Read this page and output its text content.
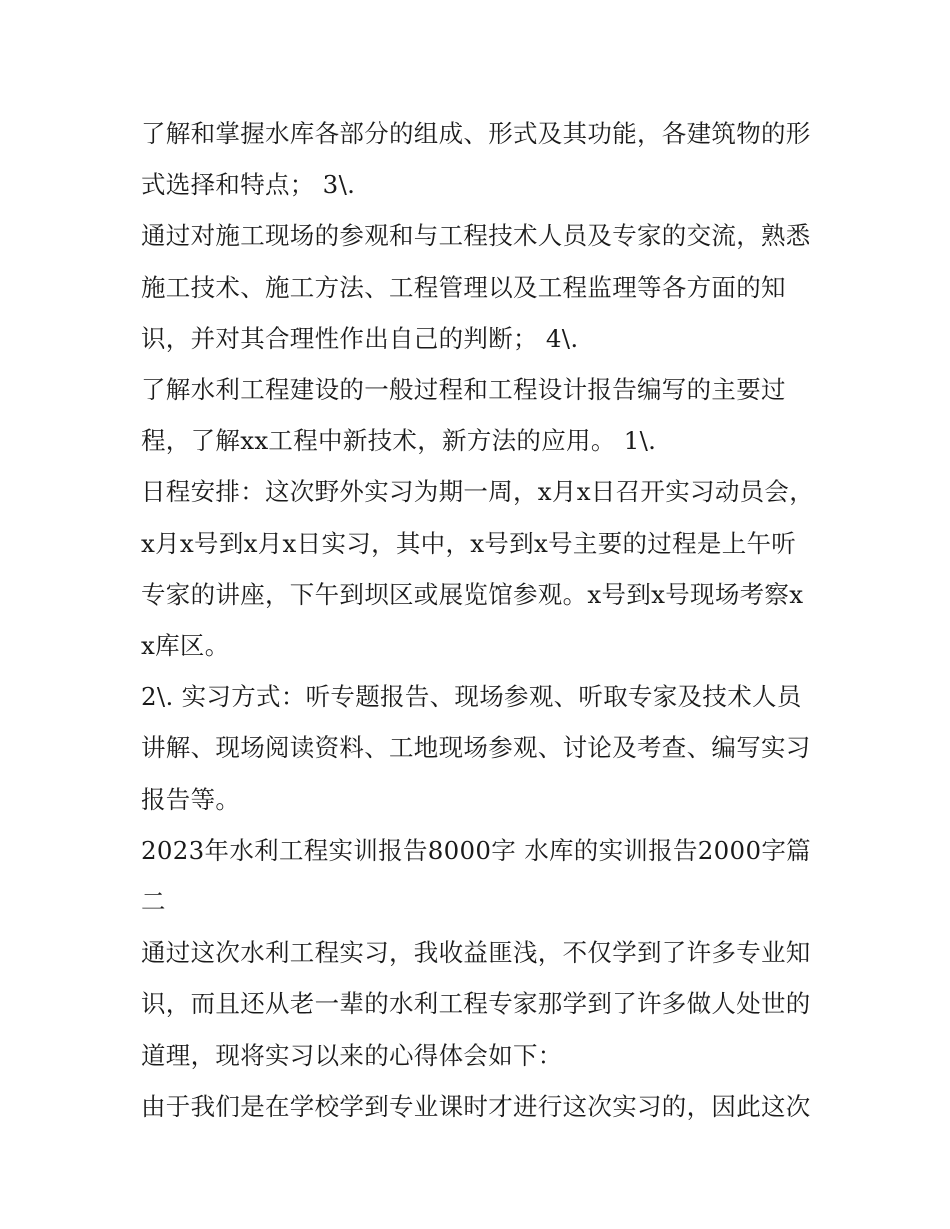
了解和掌握水库各部分的组成、形式及其功能，各建筑物的形式选择和特点； 3\.

通过对施工现场的参观和与工程技术人员及专家的交流，熟悉施工技术、施工方法、工程管理以及工程监理等各方面的知识，并对其合理性作出自己的判断； 4\.

了解水利工程建设的一般过程和工程设计报告编写的主要过程，了解xx工程中新技术，新方法的应用。 1\.

日程安排：这次野外实习为期一周，x月x日召开实习动员会，x月x号到x月x日实习，其中，x号到x号主要的过程是上午听专家的讲座，下午到坝区或展览馆参观。x号到x号现场考察xx库区。

2\. 实习方式：听专题报告、现场参观、听取专家及技术人员讲解、现场阅读资料、工地现场参观、讨论及考查、编写实习报告等。

2023年水利工程实训报告8000字 水库的实训报告2000字篇二

通过这次水利工程实习，我收益匪浅，不仅学到了许多专业知识，而且还从老一辈的水利工程专家那学到了许多做人处世的道理，现将实习以来的心得体会如下：

由于我们是在学校学到专业课时才进行这次实习的，因此这次
